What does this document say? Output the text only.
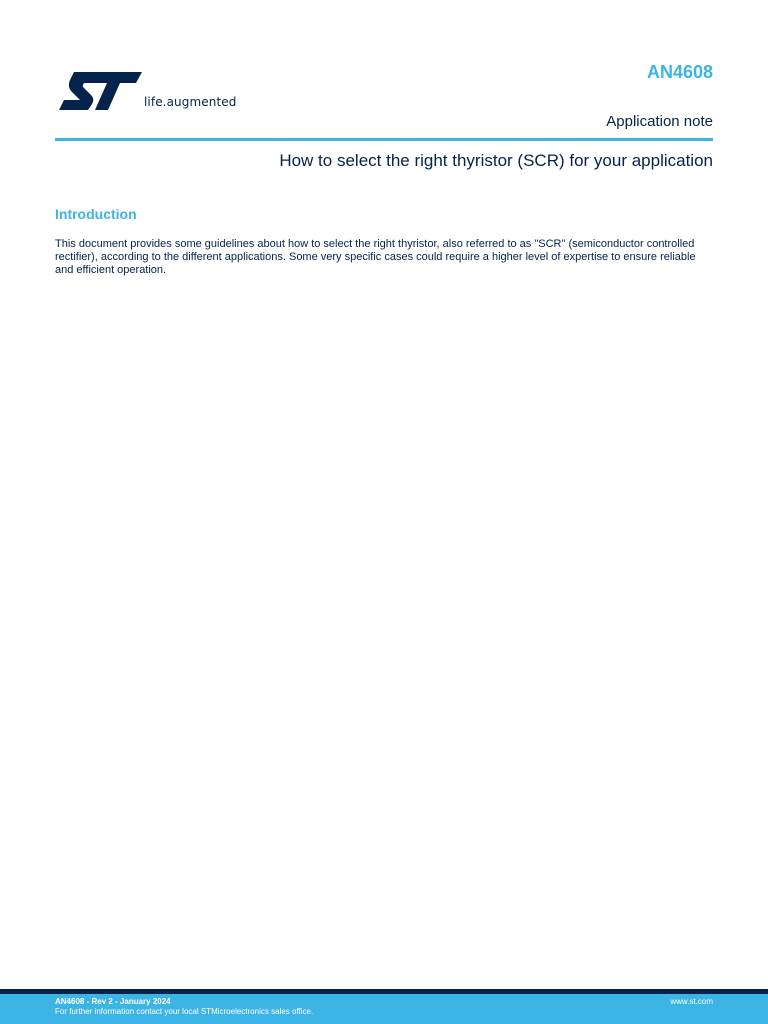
life.augmented
AN4608
Application note
How to select the right thyristor (SCR) for your application
Introduction

This document provides some guidelines about how to select the right thyristor, also referred to as "SCR" (semiconductor controlled rectifier), according to the different applications. Some very specific cases could require a higher level of expertise to ensure reliable and efficient operation.

AN4608 - Rev 2 - January 2024
For further information contact your local STMicroelectronics sales office.
www.st.com
